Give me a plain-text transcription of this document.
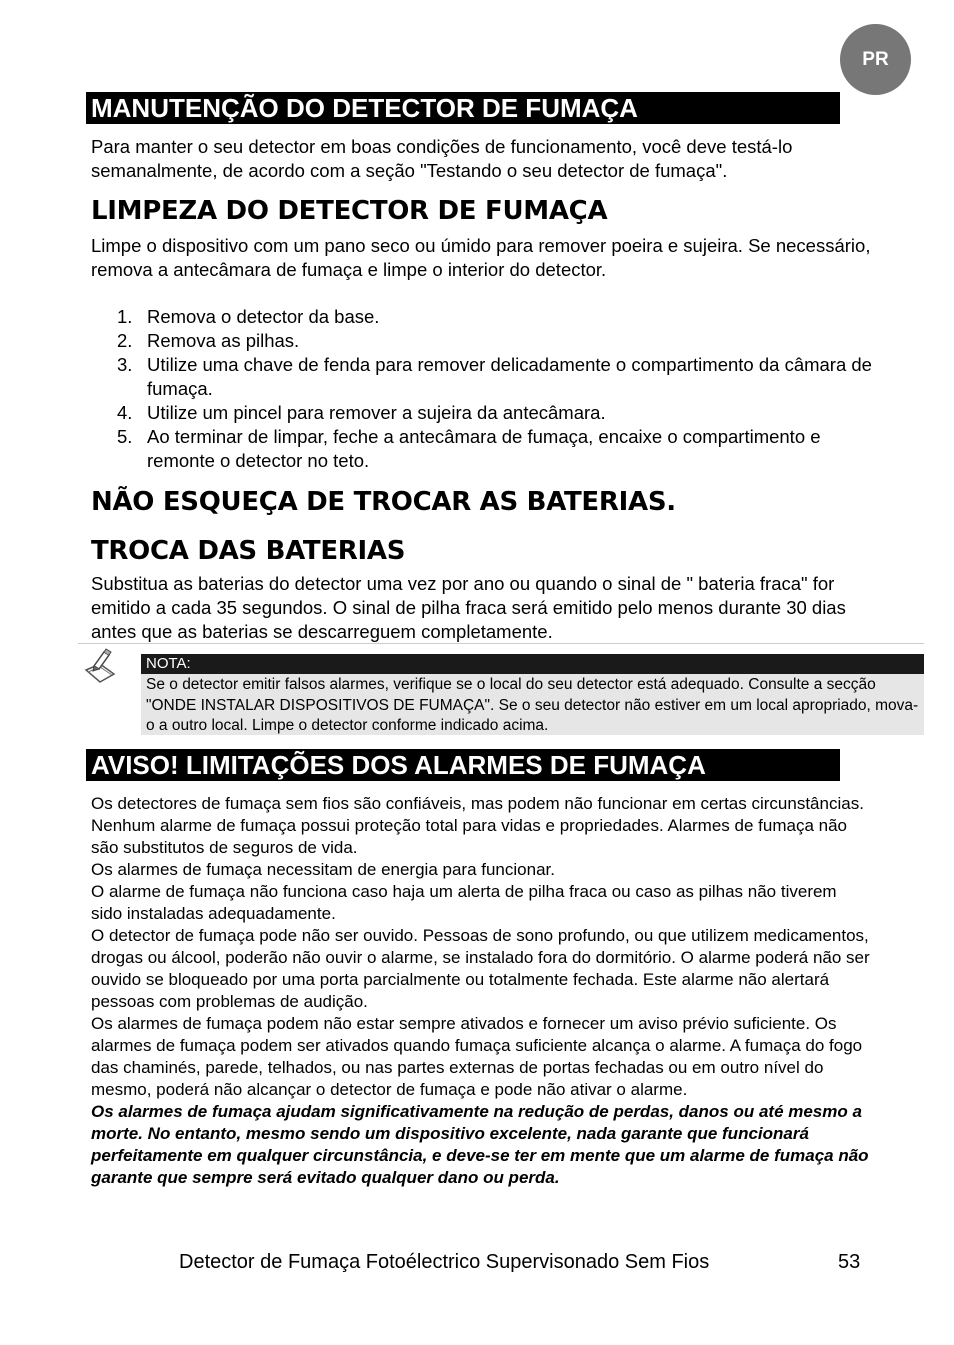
PR
MANUTENÇÃO DO DETECTOR DE FUMAÇA

Para manter o seu detector em boas condições de funcionamento, você deve testá-lo semanalmente, de acordo com a seção "Testando o seu detector de fumaça".

LIMPEZA DO DETECTOR DE FUMAÇA

Limpe o dispositivo com um pano seco ou úmido para remover poeira e sujeira. Se necessário, remova a antecâmara de fumaça e limpe o interior do detector.

1. Remova o detector da base.
2. Remova as pilhas.
3. Utilize uma chave de fenda para remover delicadamente o compartimento da câmara de fumaça.
4. Utilize um pincel para remover a sujeira da antecâmara.
5. Ao terminar de limpar, feche a antecâmara de fumaça, encaixe o compartimento e remonte o detector no teto.
NÃO ESQUEÇA DE TROCAR AS BATERIAS.
TROCA DAS BATERIAS

Substitua as baterias do detector uma vez por ano ou quando o sinal de " bateria fraca" for emitido a cada 35 segundos. O sinal de pilha fraca será emitido pelo menos durante 30 dias antes que as baterias se descarreguem completamente.

NOTA:

Se o detector emitir falsos alarmes, verifique se o local do seu detector está adequado. Consulte a secção "ONDE INSTALAR DISPOSITIVOS DE FUMAÇA". Se o seu detector não estiver em um local apropriado, mova-o a outro local. Limpe o detector conforme indicado acima.

AVISO! LIMITAÇÕES DOS ALARMES DE FUMAÇA

Os detectores de fumaça sem fios são confiáveis, mas podem não funcionar em certas circunstâncias. Nenhum alarme de fumaça possui proteção total para vidas e propriedades. Alarmes de fumaça não são substitutos de seguros de vida.

Os alarmes de fumaça necessitam de energia para funcionar.

O alarme de fumaça não funciona caso haja um alerta de pilha fraca ou caso as pilhas não tiverem sido instaladas adequadamente.

O detector de fumaça pode não ser ouvido. Pessoas de sono profundo, ou que utilizem medicamentos, drogas ou álcool, poderão não ouvir o alarme, se instalado fora do dormitório. O alarme poderá não ser ouvido se bloqueado por uma porta parcialmente ou totalmente fechada. Este alarme não alertará pessoas com problemas de audição.

Os alarmes de fumaça podem não estar sempre ativados e fornecer um aviso prévio suficiente. Os alarmes de fumaça podem ser ativados quando fumaça suficiente alcança o alarme. A fumaça do fogo das chaminés, parede, telhados, ou nas partes externas de portas fechadas ou em outro nível do mesmo, poderá não alcançar o detector de fumaça e pode não ativar o alarme.

Os alarmes de fumaça ajudam significativamente na redução de perdas, danos ou até mesmo a morte. No entanto, mesmo sendo um dispositivo excelente, nada garante que funcionará perfeitamente em qualquer circunstância, e deve-se ter em mente que um alarme de fumaça não garante que sempre será evitado qualquer dano ou perda.

Detector de Fumaça Fotoélectrico Supervisonado Sem Fios	53
